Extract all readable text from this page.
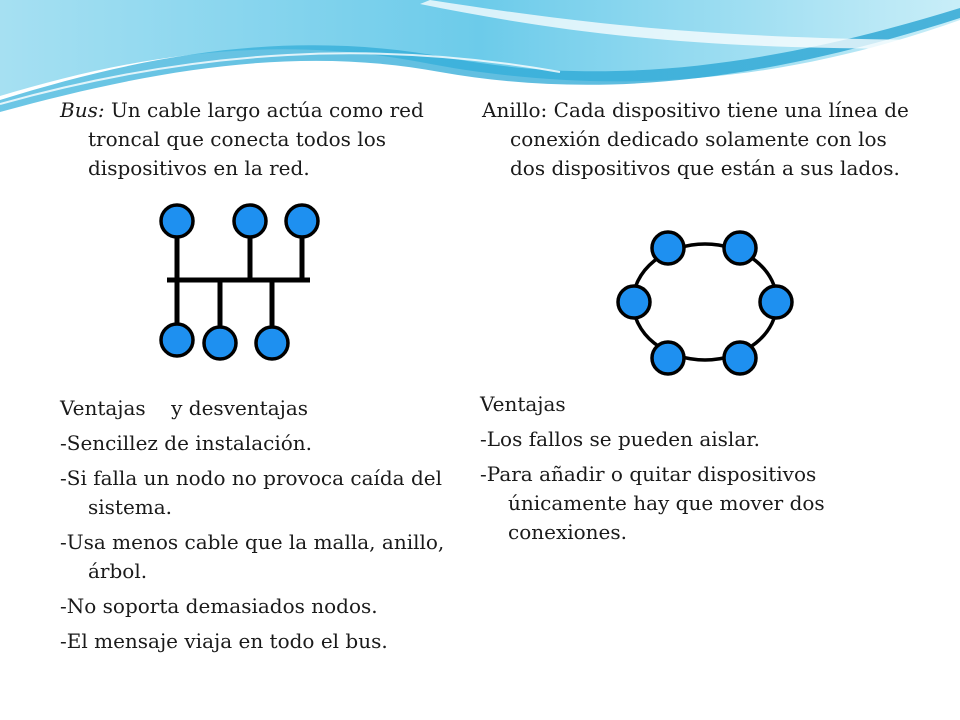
Bus: Un cable largo actúa como red troncal que conecta todos los dispositivos en la red.

Anillo: Cada dispositivo tiene una línea de conexión dedicado solamente con los dos dispositivos que están a sus lados.

Ventajas    y desventajas

-Sencillez de instalación.

-Si falla un nodo no provoca caída del sistema.

-Usa menos cable que la malla, anillo, árbol.

-No soporta demasiados nodos.

-El mensaje viaja en todo el bus.

Ventajas

-Los fallos se pueden aislar.

-Para añadir o quitar dispositivos únicamente hay que mover dos conexiones.
